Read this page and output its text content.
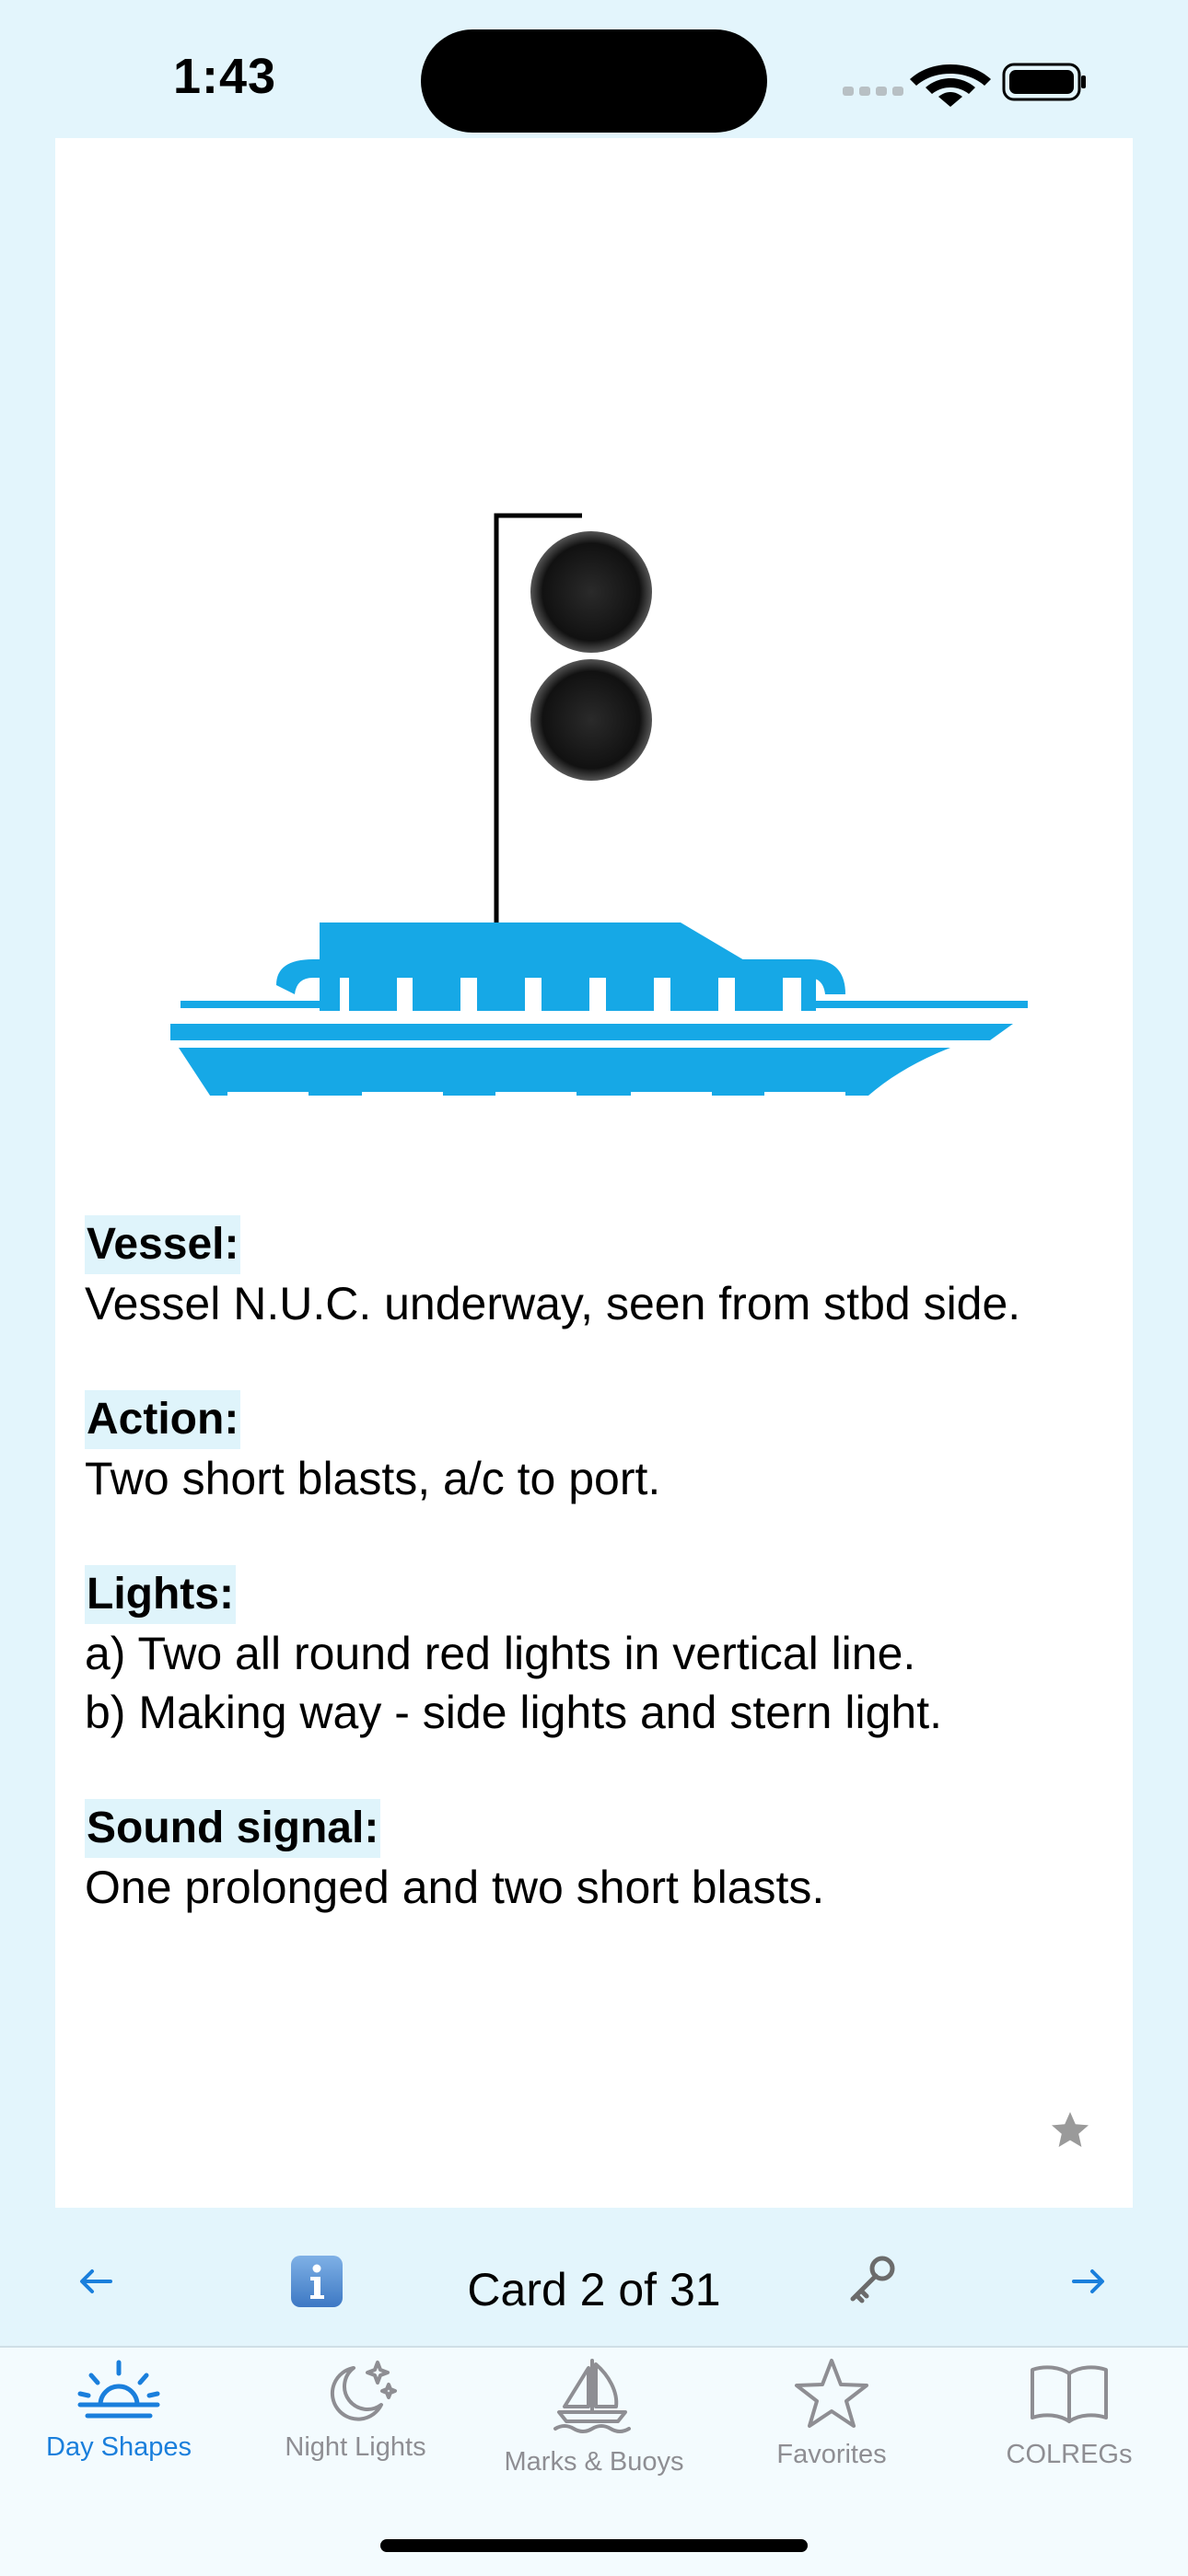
1:43
Vessel:
Vessel N.U.C. underway, seen from stbd side.
Action:
Two short blasts, a/c to port.
Lights:
a) Two all round red lights in vertical line.
b) Making way - side lights and stern light.
Sound signal:
One prolonged and two short blasts.
Card 2 of 31
Day Shapes	Night Lights	Marks & Buoys	Favorites	COLREGs
